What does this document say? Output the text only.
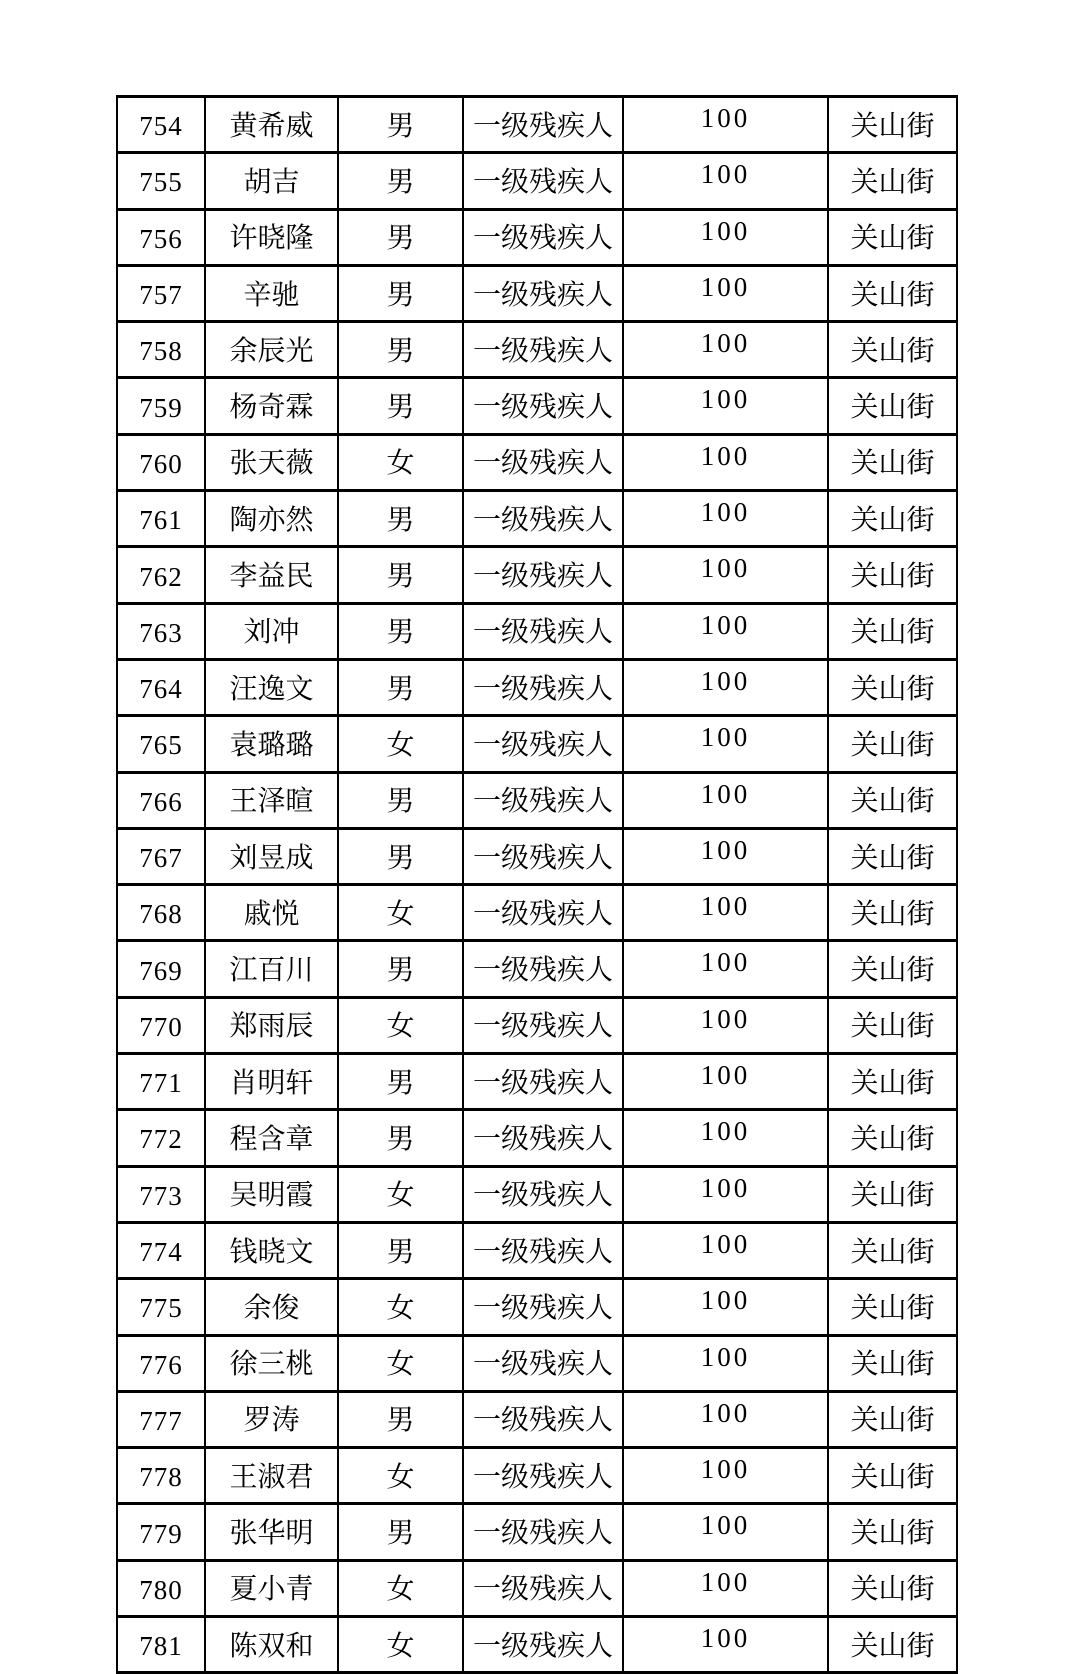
754	黄希威	男	一级残疾人	100	关山街
755	胡吉	男	一级残疾人	100	关山街
756	许晓隆	男	一级残疾人	100	关山街
757	辛驰	男	一级残疾人	100	关山街
758	余辰光	男	一级残疾人	100	关山街
759	杨奇霖	男	一级残疾人	100	关山街
760	张天薇	女	一级残疾人	100	关山街
761	陶亦然	男	一级残疾人	100	关山街
762	李益民	男	一级残疾人	100	关山街
763	刘冲	男	一级残疾人	100	关山街
764	汪逸文	男	一级残疾人	100	关山街
765	袁璐璐	女	一级残疾人	100	关山街
766	王泽暄	男	一级残疾人	100	关山街
767	刘昱成	男	一级残疾人	100	关山街
768	戚悦	女	一级残疾人	100	关山街
769	江百川	男	一级残疾人	100	关山街
770	郑雨辰	女	一级残疾人	100	关山街
771	肖明轩	男	一级残疾人	100	关山街
772	程含章	男	一级残疾人	100	关山街
773	吴明霞	女	一级残疾人	100	关山街
774	钱晓文	男	一级残疾人	100	关山街
775	余俊	女	一级残疾人	100	关山街
776	徐三桃	女	一级残疾人	100	关山街
777	罗涛	男	一级残疾人	100	关山街
778	王淑君	女	一级残疾人	100	关山街
779	张华明	男	一级残疾人	100	关山街
780	夏小青	女	一级残疾人	100	关山街
781	陈双和	女	一级残疾人	100	关山街
